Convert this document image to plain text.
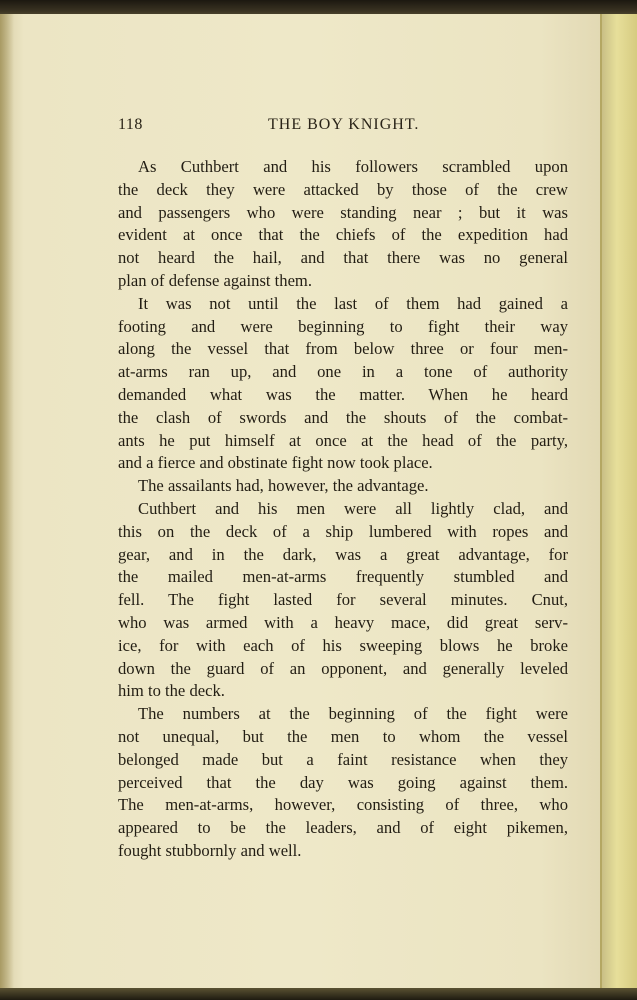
118	THE BOY KNIGHT.
As Cuthbert and his followers scrambled upon
the deck they were attacked by those of the crew
and passengers who were standing near ; but it was
evident at once that the chiefs of the expedition had
not heard the hail, and that there was no general
plan of defense against them.
It was not until the last of them had gained a
footing and were beginning to fight their way
along the vessel that from below three or four men-
at-arms ran up, and one in a tone of authority
demanded what was the matter. When he heard
the clash of swords and the shouts of the combat-
ants he put himself at once at the head of the party,
and a fierce and obstinate fight now took place.
The assailants had, however, the advantage.
Cuthbert and his men were all lightly clad, and
this on the deck of a ship lumbered with ropes and
gear, and in the dark, was a great advantage, for
the mailed men-at-arms frequently stumbled and
fell. The fight lasted for several minutes. Cnut,
who was armed with a heavy mace, did great serv-
ice, for with each of his sweeping blows he broke
down the guard of an opponent, and generally leveled
him to the deck.
The numbers at the beginning of the fight were
not unequal, but the men to whom the vessel
belonged made but a faint resistance when they
perceived that the day was going against them.
The men-at-arms, however, consisting of three, who
appeared to be the leaders, and of eight pikemen,
fought stubbornly and well.
